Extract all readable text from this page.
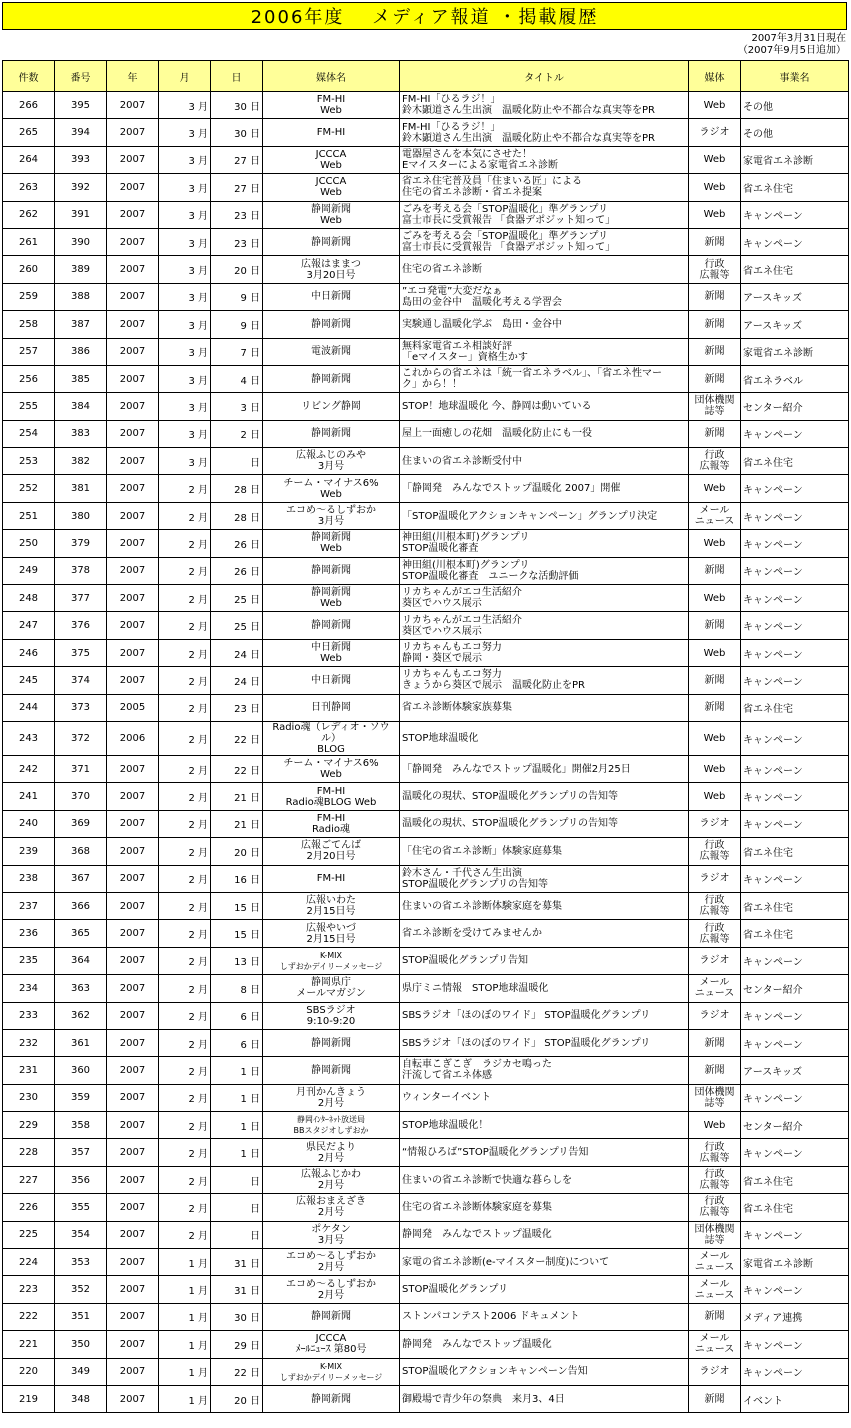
2006年度　 メディア報道 ・掲載履歴
2007年3月31日現在
（2007年9月5日追加）
件数	番号	年	月	日	媒体名	タイトル	媒体	事業名
266	395	2007	3 月	30 日	FM-HI
Web	FM-HI「ひるラジ！」
鈴木顕道さん生出演　温暖化防止や不都合な真実等をPR	Web	その他
265	394	2007	3 月	30 日	FM-HI	FM-HI「ひるラジ！」
鈴木顕道さん生出演　温暖化防止や不都合な真実等をPR	ラジオ	その他
264	393	2007	3 月	27 日	JCCCA
Web	電器屋さんを本気にさせた！
Eマイスターによる家電省エネ診断	Web	家電省エネ診断
263	392	2007	3 月	27 日	JCCCA
Web	省エネ住宅普及員「住まいる匠」による
住宅の省エネ診断・省エネ提案	Web	省エネ住宅
262	391	2007	3 月	23 日	静岡新聞
Web	ごみを考える会「STOP温暖化」準グランプリ
富士市長に受賞報告 「食器デポジット知って」	Web	キャンペーン
261	390	2007	3 月	23 日	静岡新聞	ごみを考える会「STOP温暖化」準グランプリ
富士市長に受賞報告 「食器デポジット知って」	新聞	キャンペーン
260	389	2007	3 月	20 日	広報はままつ
3月20日号	住宅の省エネ診断	行政
広報等	省エネ住宅
259	388	2007	3 月	9 日	中日新聞	”エコ発電”大変だなぁ
島田の金谷中　温暖化考える学習会	新聞	アースキッズ
258	387	2007	3 月	9 日	静岡新聞	実験通し温暖化学ぶ　島田・金谷中	新聞	アースキッズ
257	386	2007	3 月	7 日	電波新聞	無料家電省エネ相談好評
「eマイスター」資格生かす	新聞	家電省エネ診断
256	385	2007	3 月	4 日	静岡新聞	これからの省エネは「統一省エネラベル」、「省エネ性マー
ク」から！！	新聞	省エネラベル
255	384	2007	3 月	3 日	リビング静岡	STOP！地球温暖化 今、静岡は動いている	団体機関
誌等	センター紹介
254	383	2007	3 月	2 日	静岡新聞	屋上一面癒しの花畑　温暖化防止にも一役	新聞	キャンペーン
253	382	2007	3 月	日	広報ふじのみや
3月号	住まいの省エネ診断受付中	行政
広報等	省エネ住宅
252	381	2007	2 月	28 日	チーム・マイナス6%
Web	「静岡発　みんなでストップ温暖化 2007」開催	Web	キャンペーン
251	380	2007	2 月	28 日	エコめ～るしずおか
3月号	「STOP温暖化アクションキャンペーン」グランプリ決定	メール
ニュース	キャンペーン
250	379	2007	2 月	26 日	静岡新聞
Web	神田組(川根本町)グランプリ
STOP温暖化審査	Web	キャンペーン
249	378	2007	2 月	26 日	静岡新聞	神田組(川根本町)グランプリ
STOP温暖化審査　ユニークな活動評価	新聞	キャンペーン
248	377	2007	2 月	25 日	静岡新聞
Web	リカちゃんがエコ生活紹介
葵区でハウス展示	Web	キャンペーン
247	376	2007	2 月	25 日	静岡新聞	リカちゃんがエコ生活紹介
葵区でハウス展示	新聞	キャンペーン
246	375	2007	2 月	24 日	中日新聞
Web	リカちゃんもエコ努力
静岡・葵区で展示	Web	キャンペーン
245	374	2007	2 月	24 日	中日新聞	リカちゃんもエコ努力
きょうから葵区で展示　温暖化防止をPR	新聞	キャンペーン
244	373	2005	2 月	23 日	日刊静岡	省エネ診断体験家族募集	新聞	省エネ住宅
243	372	2006	2 月	22 日	Radio魂（レディオ・ソウル）
BLOG	STOP地球温暖化	Web	キャンペーン
242	371	2007	2 月	22 日	チーム・マイナス6%
Web	「静岡発　みんなでストップ温暖化」開催2月25日	Web	キャンペーン
241	370	2007	2 月	21 日	FM-HI
Radio魂BLOG Web	温暖化の現状、STOP温暖化グランプリの告知等	Web	キャンペーン
240	369	2007	2 月	21 日	FM-HI
Radio魂	温暖化の現状、STOP温暖化グランプリの告知等	ラジオ	キャンペーン
239	368	2007	2 月	20 日	広報ごてんば
2月20日号	「住宅の省エネ診断」体験家庭募集	行政
広報等	省エネ住宅
238	367	2007	2 月	16 日	FM-HI	鈴木さん・千代さん生出演
STOP温暖化グランプリの告知等	ラジオ	キャンペーン
237	366	2007	2 月	15 日	広報いわた
2月15日号	住まいの省エネ診断体験家庭を募集	行政
広報等	省エネ住宅
236	365	2007	2 月	15 日	広報やいづ
2月15日号	省エネ診断を受けてみませんか	行政
広報等	省エネ住宅
235	364	2007	2 月	13 日	K-MIX
しずおかデイリーメッセージ	STOP温暖化グランプリ告知	ラジオ	キャンペーン
234	363	2007	2 月	8 日	静岡県庁
メールマガジン	県庁ミニ情報　STOP地球温暖化	メール
ニュース	センター紹介
233	362	2007	2 月	6 日	SBSラジオ
9:10-9:20	SBSラジオ「ほのぼのワイド」 STOP温暖化グランプリ	ラジオ	キャンペーン
232	361	2007	2 月	6 日	静岡新聞	SBSラジオ「ほのぼのワイド」 STOP温暖化グランプリ	新聞	キャンペーン
231	360	2007	2 月	1 日	静岡新聞	自転車こぎこぎ　ラジカセ鳴った
汗流して省エネ体感	新聞	アースキッズ
230	359	2007	2 月	1 日	月刊かんきょう
2月号	ウィンターイベント	団体機関
誌等	キャンペーン
229	358	2007	2 月	1 日	静岡ｲﾝﾀｰﾈｯﾄ放送局
BBスタジオしずおか	STOP地球温暖化！	Web	センター紹介
228	357	2007	2 月	1 日	県民だより
2月号	“情報ひろば”STOP温暖化グランプリ告知	行政
広報等	キャンペーン
227	356	2007	2 月	日	広報ふじかわ
2月号	住まいの省エネ診断で快適な暮らしを	行政
広報等	省エネ住宅
226	355	2007	2 月	日	広報おまえざき
2月号	住宅の省エネ診断体験家庭を募集	行政
広報等	省エネ住宅
225	354	2007	2 月	日	ポケタン
3月号	静岡発　みんなでストップ温暖化	団体機関
誌等	キャンペーン
224	353	2007	1 月	31 日	エコめ～るしずおか
2月号	家電の省エネ診断(e-マイスター制度)について	メール
ニュース	家電省エネ診断
223	352	2007	1 月	31 日	エコめ～るしずおか
2月号	STOP温暖化グランプリ	メール
ニュース	キャンペーン
222	351	2007	1 月	30 日	静岡新聞	ストンパコンテスト2006 ドキュメント	新聞	メディア連携
221	350	2007	1 月	29 日	JCCCA
ﾒｰﾙﾆｭｰｽ 第80号	静岡発　みんなでストップ温暖化	メール
ニュース	キャンペーン
220	349	2007	1 月	22 日	K-MIX
しずおかデイリーメッセージ	STOP温暖化アクションキャンペーン告知	ラジオ	キャンペーン
219	348	2007	1 月	20 日	静岡新聞	御殿場で青少年の祭典　来月3、4日	新聞	イベント
